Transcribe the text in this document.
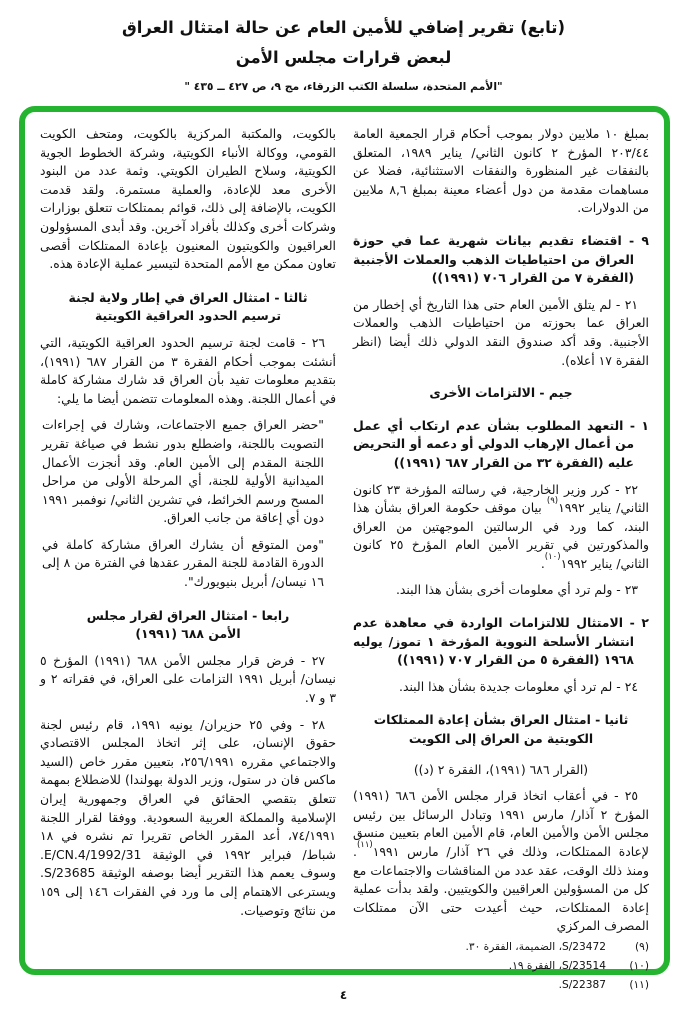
(تابع) تقرير إضافي للأمين العام عن حالة امتثال العراق
لبعض قرارات مجلس الأمن
"الأمم المتحدة، سلسلة الكتب الزرقاء، مج ٩، ص ٤٢٧ ــ ٤٣٥ "

بمبلغ ١٠ ملايين دولار بموجب أحكام قرار الجمعية العامة ٢٠٣/٤٤ المؤرخ ٢ كانون الثاني/ يناير ١٩٨٩، المتعلق بالنفقات غير المنظورة والنفقات الاستثنائية، فضلا عن مساهمات مقدمة من دول أعضاء معينة بمبلغ ٨,٦ ملايين من الدولارات.

٩ - اقتضاء تقديم بيانات شهرية عما في حوزة العراق من احتياطيات الذهب والعملات الأجنبية (الفقرة ٧ من القرار ٧٠٦ (١٩٩١))

٢١ - لم يتلق الأمين العام حتى هذا التاريخ أي إخطار من العراق عما بحوزته من احتياطيات الذهب والعملات الأجنبية. وقد أكد صندوق النقد الدولي ذلك أيضا (انظر الفقرة ١٧ أعلاه).

جيم - الالتزامات الأخرى

١ - التعهد المطلوب بشأن عدم ارتكاب أي عمل من أعمال الإرهاب الدولي أو دعمه أو التحريض عليه (الفقرة ٣٢ من القرار ٦٨٧ (١٩٩١))

٢٢ - كرر وزير الخارجية، في رسالته المؤرخة ٢٣ كانون الثاني/ يناير ١٩٩٢$^{(٩)}$ بيان موقف حكومة العراق بشأن هذا البند، كما ورد في الرسالتين الموجهتين من العراق والمذكورتين في تقرير الأمين العام المؤرخ ٢٥ كانون الثاني/ يناير ١٩٩٢$^{(١٠)}$.

٢٣ - ولم ترد أي معلومات أخرى بشأن هذا البند.

٢ - الامتثال للالتزامات الواردة في معاهدة عدم انتشار الأسلحة النووية المؤرخة ١ تموز/ يوليه ١٩٦٨ (الفقرة ٥ من القرار ٧٠٧ (١٩٩١))

٢٤ - لم ترد أي معلومات جديدة بشأن هذا البند.

ثانيا - امتثال العراق بشأن إعادة الممتلكات
الكويتية من العراق إلى الكويت

(القرار ٦٨٦ (١٩٩١)، الفقرة ٢ (د))

٢٥ - في أعقاب اتخاذ قرار مجلس الأمن ٦٨٦ (١٩٩١) المؤرخ ٢ آذار/ مارس ١٩٩١ وتبادل الرسائل بين رئيس مجلس الأمن والأمين العام، قام الأمين العام بتعيين منسق لإعادة الممتلكات، وذلك في ٢٦ آذار/ مارس ١٩٩١$^{(١١)}$. ومنذ ذلك الوقت، عقد عدد من المناقشات والاجتماعات مع كل من المسؤولين العراقيين والكويتيين. ولقد بدأت عملية إعادة الممتلكات، حيث أعيدت حتى الآن ممتلكات المصرف المركزي

(٩)
S/23472، الضميمة، الفقرة ٣٠.
(١٠)
S/23514، الفقرة ١٩.
(١١)
S/22387.

بالكويت، والمكتبة المركزية بالكويت، ومتحف الكويت القومي، ووكالة الأنباء الكويتية، وشركة الخطوط الجوية الكويتية، وسلاح الطيران الكويتي. وثمة عدد من البنود الأخرى معد للإعادة، والعملية مستمرة. ولقد قدمت الكويت، بالإضافة إلى ذلك، قوائم بممتلكات تتعلق بوزارات وشركات أخرى وكذلك بأفراد آخرين. وقد أبدى المسؤولون العراقيون والكويتيون المعنيون بإعادة الممتلكات أقصى تعاون ممكن مع الأمم المتحدة لتيسير عملية الإعادة هذه.

ثالثا - امتثال العراق في إطار ولاية لجنة
ترسيم الحدود العراقية الكويتية

٢٦ - قامت لجنة ترسيم الحدود العراقية الكويتية، التي أنشئت بموجب أحكام الفقرة ٣ من القرار ٦٨٧ (١٩٩١)، بتقديم معلومات تفيد بأن العراق قد شارك مشاركة كاملة في أعمال اللجنة. وهذه المعلومات تتضمن أيضا ما يلي:

"حضر العراق جميع الاجتماعات، وشارك في إجراءات التصويت باللجنة، واضطلع بدور نشط في صياغة تقرير اللجنة المقدم إلى الأمين العام. وقد أنجزت الأعمال الميدانية الأولية للجنة، أي المرحلة الأولى من مراحل المسح ورسم الخرائط، في تشرين الثاني/ نوفمبر ١٩٩١ دون أي إعاقة من جانب العراق.

"ومن المتوقع أن يشارك العراق مشاركة كاملة في الدورة القادمة للجنة المقرر عقدها في الفترة من ٨ إلى ١٦ نيسان/ أبريل بنيويورك".

رابعا - امتثال العراق لقرار مجلس
الأمن ٦٨٨ (١٩٩١)

٢٧ - فرض قرار مجلس الأمن ٦٨٨ (١٩٩١) المؤرخ ٥ نيسان/ أبريل ١٩٩١ التزامات على العراق، في فقراته ٢ و ٣ و ٧.

٢٨ - وفي ٢٥ حزيران/ يونيه ١٩٩١، قام رئيس لجنة حقوق الإنسان، على إثر اتخاذ المجلس الاقتصادي والاجتماعي مقرره ٢٥٦/١٩٩١، بتعيين مقرر خاص (السيد ماكس فان در ستول، وزير الدولة بهولندا) للاضطلاع بمهمة تتعلق بتقصي الحقائق في العراق وجمهورية إيران الإسلامية والمملكة العربية السعودية. ووفقا لقرار اللجنة ٧٤/١٩٩١، أعد المقرر الخاص تقريرا تم نشره في ١٨ شباط/ فبراير ١٩٩٢ في الوثيقة E/CN.4/1992/31. وسوف يعمم هذا التقرير أيضا بوصفه الوثيقة S/23685. ويسترعى الاهتمام إلى ما ورد في الفقرات ١٤٦ إلى ١٥٩ من نتائج وتوصيات.

٤
